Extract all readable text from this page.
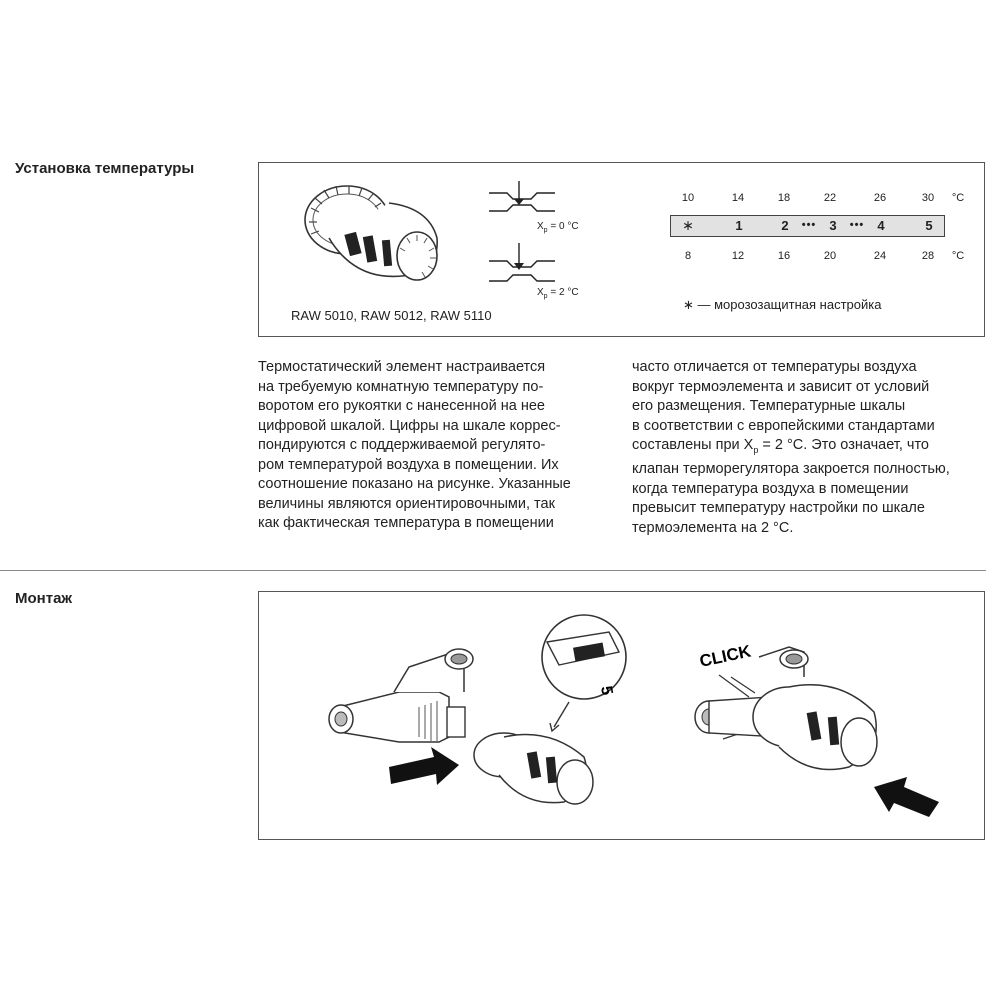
Установка температуры
RAW 5010, RAW 5012, RAW 5110
$X_p = 0$ °C
$X_p = 2$ °C
10	14	18	22	26	30	°C
∗	1	2	•••	3	•••	4	5
8	12	16	20	24	28	°C
∗ — морозозащитная настройка
Термостатический элемент настраивается
на требуемую комнатную температуру по-
воротом его рукоятки с нанесенной на нее
цифровой шкалой. Цифры на шкале коррес-
пондируются с поддерживаемой регулято-
ром температурой воздуха в помещении. Их
соотношение показано на рисунке. Указанные
величины являются ориентировочными, так
как фактическая температура в помещении
часто отличается от температуры воздуха
вокруг термоэлемента и зависит от условий
его размещения. Температурные шкалы
в соответствии с европейскими стандартами
составлены при $X_p = 2$ °С. Это означает, что
клапан терморегулятора закроется полностью,
когда температура воздуха в помещении
превысит температуру настройки по шкале
термоэлемента на 2 °С.
Монтаж
5
CLICK
